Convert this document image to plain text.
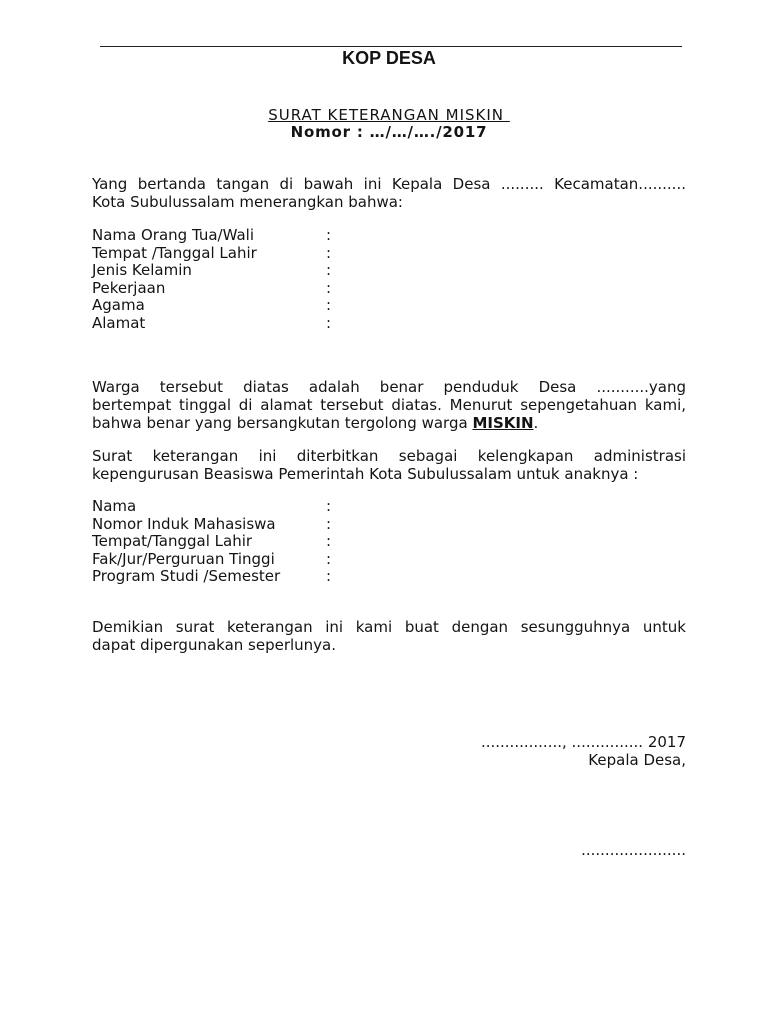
KOP DESA
SURAT KETERANGAN MISKIN
Nomor : …/…/…./2017
Yang bertanda tangan di bawah ini Kepala Desa ......... Kecamatan..........
Kota Subulussalam menerangkan bahwa:
Nama Orang Tua/Wali	:
Tempat /Tanggal Lahir	:
Jenis Kelamin	:
Pekerjaan	:
Agama	:
Alamat	:
Warga tersebut diatas adalah benar penduduk Desa ...........yang
bertempat tinggal di alamat tersebut diatas. Menurut sepengetahuan kami,
bahwa benar yang bersangkutan tergolong warga MISKIN.
Surat keterangan ini diterbitkan sebagai kelengkapan administrasi
kepengurusan Beasiswa Pemerintah Kota Subulussalam untuk anaknya :
Nama	:
Nomor Induk Mahasiswa	:
Tempat/Tanggal Lahir	:
Fak/Jur/Perguruan Tinggi	:
Program Studi /Semester	:
Demikian surat keterangan ini kami buat dengan sesungguhnya untuk
dapat dipergunakan seperlunya.
................., ............... 2017
Kepala Desa,
......................
